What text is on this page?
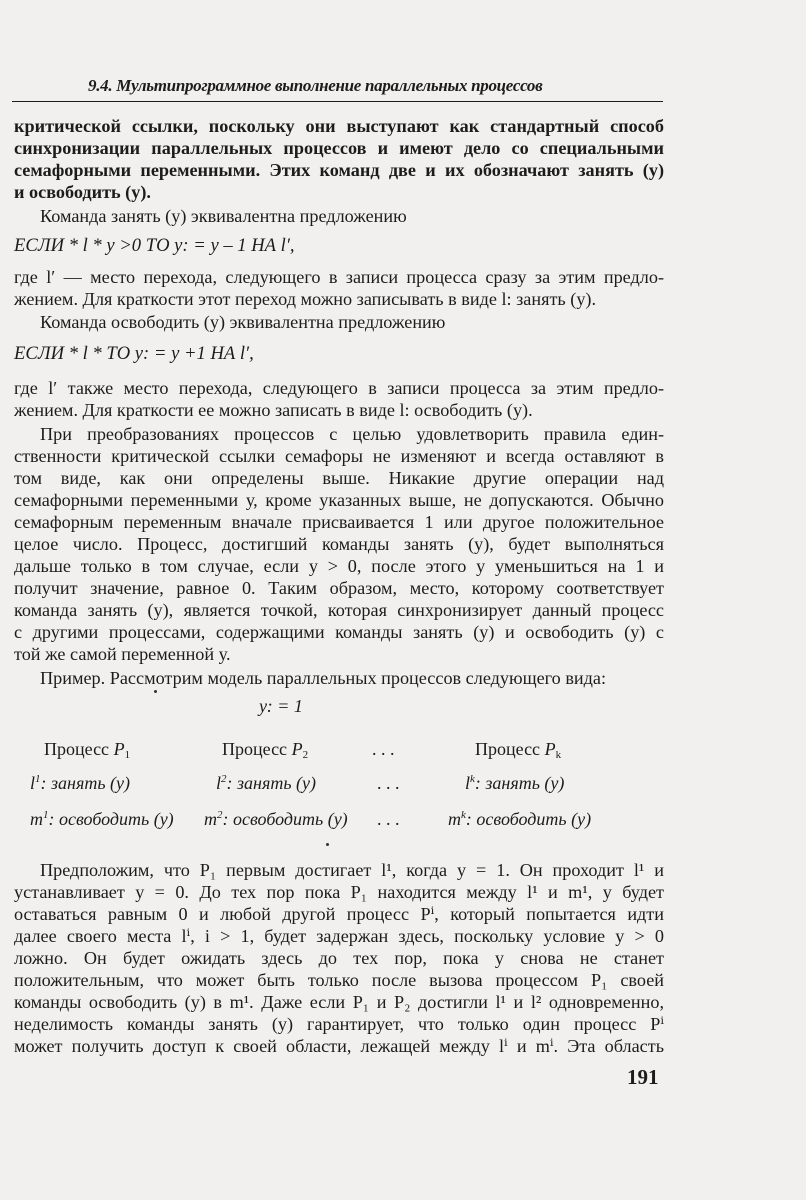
9.4. Мультипрограммное выполнение параллельных процессов
критической ссылки, поскольку они выступают как стандартный способ
синхронизации параллельных процессов и имеют дело со специальными
семафорными переменными. Этих команд две и их обозначают занять (у)
и освободить (у).
Команда занять (у) эквивалентна предложению
ЕСЛИ * l * y >0 ТО y: = y – 1 НА l′,
где l′ — место перехода, следующего в записи процесса сразу за этим предло-
жением. Для краткости этот переход можно записывать в виде l: занять (у).
Команда освободить (у) эквивалентна предложению
ЕСЛИ * l * ТО y: = y +1 НА l′,
где l′ также место перехода, следующего в записи процесса за этим предло-
жением. Для краткости ее можно записать в виде l: освободить (у).
При преобразованиях процессов с целью удовлетворить правила един-
ственности критической ссылки семафоры не изменяют и всегда оставляют в
том виде, как они определены выше. Никакие другие операции над
семафорными переменными у, кроме указанных выше, не допускаются. Обычно
семафорным переменным вначале присваивается 1 или другое положительное
целое число. Процесс, достигший команды занять (у), будет выполняться
дальше только в том случае, если у > 0, после этого у уменьшиться на 1 и
получит значение, равное 0. Таким образом, место, которому соответствует
команда занять (у), является точкой, которая синхронизирует данный процесс
с другими процессами, содержащими команды занять (у) и освободить (у) с
той же самой переменной у.
Пример. Рассмотрим модель параллельных процессов следующего вида:
Предположим, что P₁ первым достигает l¹, когда у = 1. Он проходит l¹ и
устанавливает у = 0. До тех пор пока P₁ находится между l¹ и m¹, у будет
оставаться равным 0 и любой другой процесс Pⁱ, который попытается идти
далее своего места lⁱ, i > 1, будет задержан здесь, поскольку условие у > 0
ложно. Он будет ожидать здесь до тех пор, пока у снова не станет
положительным, что может быть только после вызова процессом P₁ своей
команды освободить (у) в m¹. Даже если P₁ и P₂ достигли l¹ и l² одновременно,
неделимость команды занять (у) гарантирует, что только один процесс Pⁱ
может получить доступ к своей области, лежащей между lⁱ и mⁱ. Эта область
у: = 1
Процесс $P_1$	Процесс $P_2$	. . .	Процесс $P_k$
$l^1$: занять (у)	$l^2$: занять (у)	. . .	$l^k$: занять (у)
$m^1$: освободить (у) $m^2$: освободить (у) . . .	$m^k$: освободить (у)
191
